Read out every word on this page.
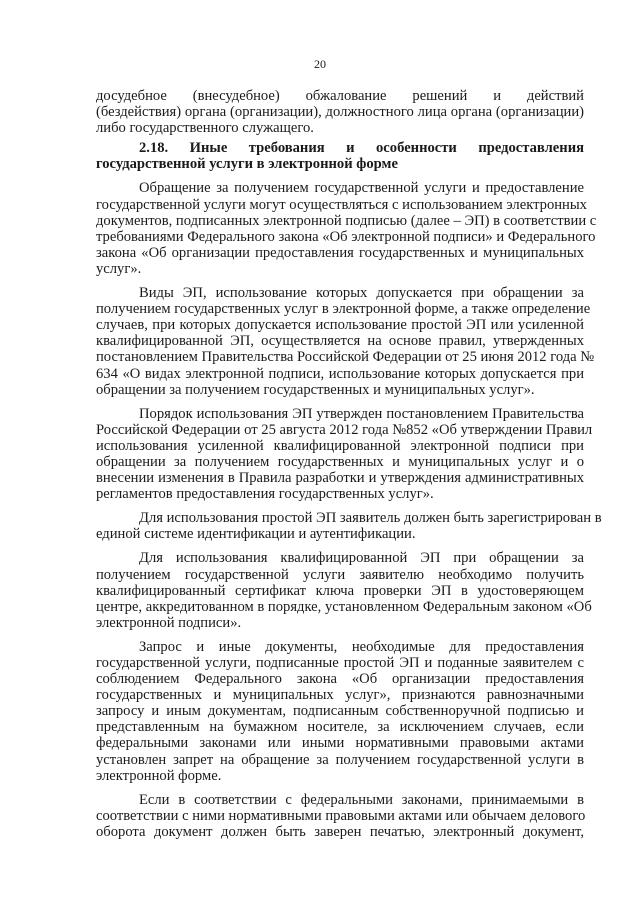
20
досудебное (внесудебное) обжалование решений и действий
(бездействия) органа (организации), должностного лица органа (организации)
либо государственного служащего.
2.18. Иные требования и особенности предоставления
государственной услуги в электронной форме
Обращение за получением государственной услуги и предоставление
государственной услуги могут осуществляться с использованием электронных
документов, подписанных электронной подписью (далее – ЭП) в соответствии с
требованиями Федерального закона «Об электронной подписи» и Федерального
закона «Об организации предоставления государственных и муниципальных
услуг».
Виды ЭП, использование которых допускается при обращении за
получением государственных услуг в электронной форме, а также определение
случаев, при которых допускается использование простой ЭП или усиленной
квалифицированной ЭП, осуществляется на основе правил, утвержденных
постановлением Правительства Российской Федерации от 25 июня 2012 года №
634 «О видах электронной подписи, использование которых допускается при
обращении за получением государственных и муниципальных услуг».
Порядок использования ЭП утвержден постановлением Правительства
Российской Федерации от 25 августа 2012 года №852 «Об утверждении Правил
использования усиленной квалифицированной электронной подписи при
обращении за получением государственных и муниципальных услуг и о
внесении изменения в Правила разработки и утверждения административных
регламентов предоставления государственных услуг».
Для использования простой ЭП заявитель должен быть зарегистрирован в
единой системе идентификации и аутентификации.
Для использования квалифицированной ЭП при обращении за
получением государственной услуги заявителю необходимо получить
квалифицированный сертификат ключа проверки ЭП в удостоверяющем
центре, аккредитованном в порядке, установленном Федеральным законом «Об
электронной подписи».
Запрос и иные документы, необходимые для предоставления
государственной услуги, подписанные простой ЭП и поданные заявителем с
соблюдением Федерального закона «Об организации предоставления
государственных и муниципальных услуг», признаются равнозначными
запросу и иным документам, подписанным собственноручной подписью и
представленным на бумажном носителе, за исключением случаев, если
федеральными законами или иными нормативными правовыми актами
установлен запрет на обращение за получением государственной услуги в
электронной форме.
Если в соответствии с федеральными законами, принимаемыми в
соответствии с ними нормативными правовыми актами или обычаем делового
оборота документ должен быть заверен печатью, электронный документ,
